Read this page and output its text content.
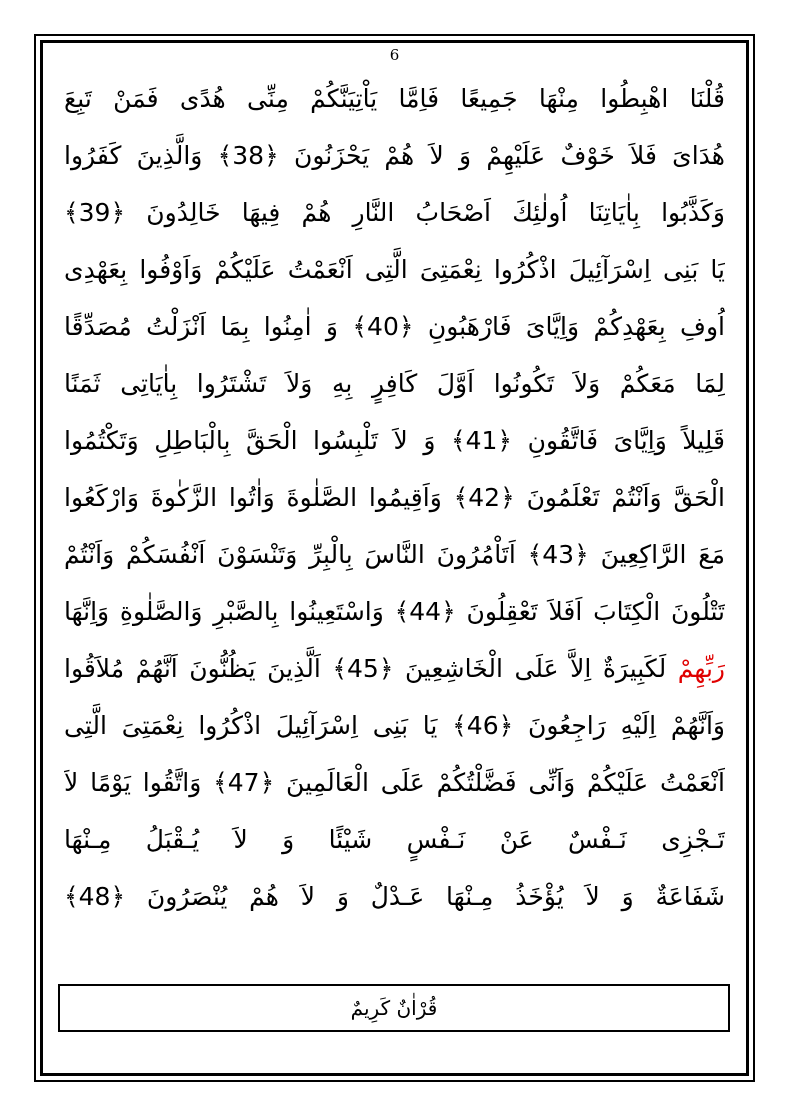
6
قُلْنَا اهْبِطُوا مِنْهَا جَمِيعًا فَاِمَّا يَاْتِيَنَّكُمْ مِنِّى هُدًى فَمَنْ تَبِعَ
هُدَاىَ فَلاَ خَوْفٌ عَلَيْهِمْ وَ لاَ هُمْ يَحْزَنُونَ ﴿38﴾ وَالَّذِينَ كَفَرُوا
وَكَذَّبُوا بِاٰيَاتِنَا اُولٰئِكَ اَصْحَابُ النَّارِ هُمْ فِيهَا خَالِدُونَ ﴿39﴾
يَا بَنِى اِسْرَآئِيلَ اذْكُرُوا نِعْمَتِىَ الَّتِى اَنْعَمْتُ عَلَيْكُمْ وَاَوْفُوا بِعَهْدِى
اُوفِ بِعَهْدِكُمْ وَاِيَّاىَ فَارْهَبُونِ ﴿40﴾ وَ اٰمِنُوا بِمَا اَنْزَلْتُ مُصَدِّقًا
لِمَا مَعَكُمْ وَلاَ تَكُونُوا اَوَّلَ كَافِرٍ بِهِ وَلاَ تَشْتَرُوا بِاٰيَاتِى ثَمَنًا
قَلِيلاً وَاِيَّاىَ فَاتَّقُونِ ﴿41﴾ وَ لاَ تَلْبِسُوا الْحَقَّ بِالْبَاطِلِ وَتَكْتُمُوا
الْحَقَّ وَاَنْتُمْ تَعْلَمُونَ ﴿42﴾ وَاَقِيمُوا الصَّلٰوةَ وَاٰتُوا الزَّكٰوةَ وَارْكَعُوا
مَعَ الرَّاكِعِينَ ﴿43﴾ اَتَاْمُرُونَ النَّاسَ بِالْبِرِّ وَتَنْسَوْنَ اَنْفُسَكُمْ وَاَنْتُمْ
تَتْلُونَ الْكِتَابَ اَفَلاَ تَعْقِلُونَ ﴿44﴾ وَاسْتَعِينُوا بِالصَّبْرِ وَالصَّلٰوةِ وَاِنَّهَا
رَبِّهِمْ لَكَبِيرَةٌ اِلاَّ عَلَى الْخَاشِعِينَ ﴿45﴾ اَلَّذِينَ يَظُنُّونَ اَنَّهُمْ مُلاَقُوا
وَاَنَّهُمْ اِلَيْهِ رَاجِعُونَ ﴿46﴾ يَا بَنِى اِسْرَآئِيلَ اذْكُرُوا نِعْمَتِىَ الَّتِى
اَنْعَمْتُ عَلَيْكُمْ وَاَنِّى فَضَّلْتُكُمْ عَلَى الْعَالَمِينَ ﴿47﴾ وَاتَّقُوا يَوْمًا لاَ
تَـجْزِى نَـفْسٌ عَنْ نَـفْسٍ شَيْئًا وَ لاَ يُـقْبَلُ مِـنْهَا
شَفَاعَةٌ وَ لاَ يُؤْخَذُ مِـنْهَا عَـدْلٌ وَ لاَ هُمْ يُنْصَرُونَ ﴿48﴾
قُرْاٰنٌ كَرِيمٌ
